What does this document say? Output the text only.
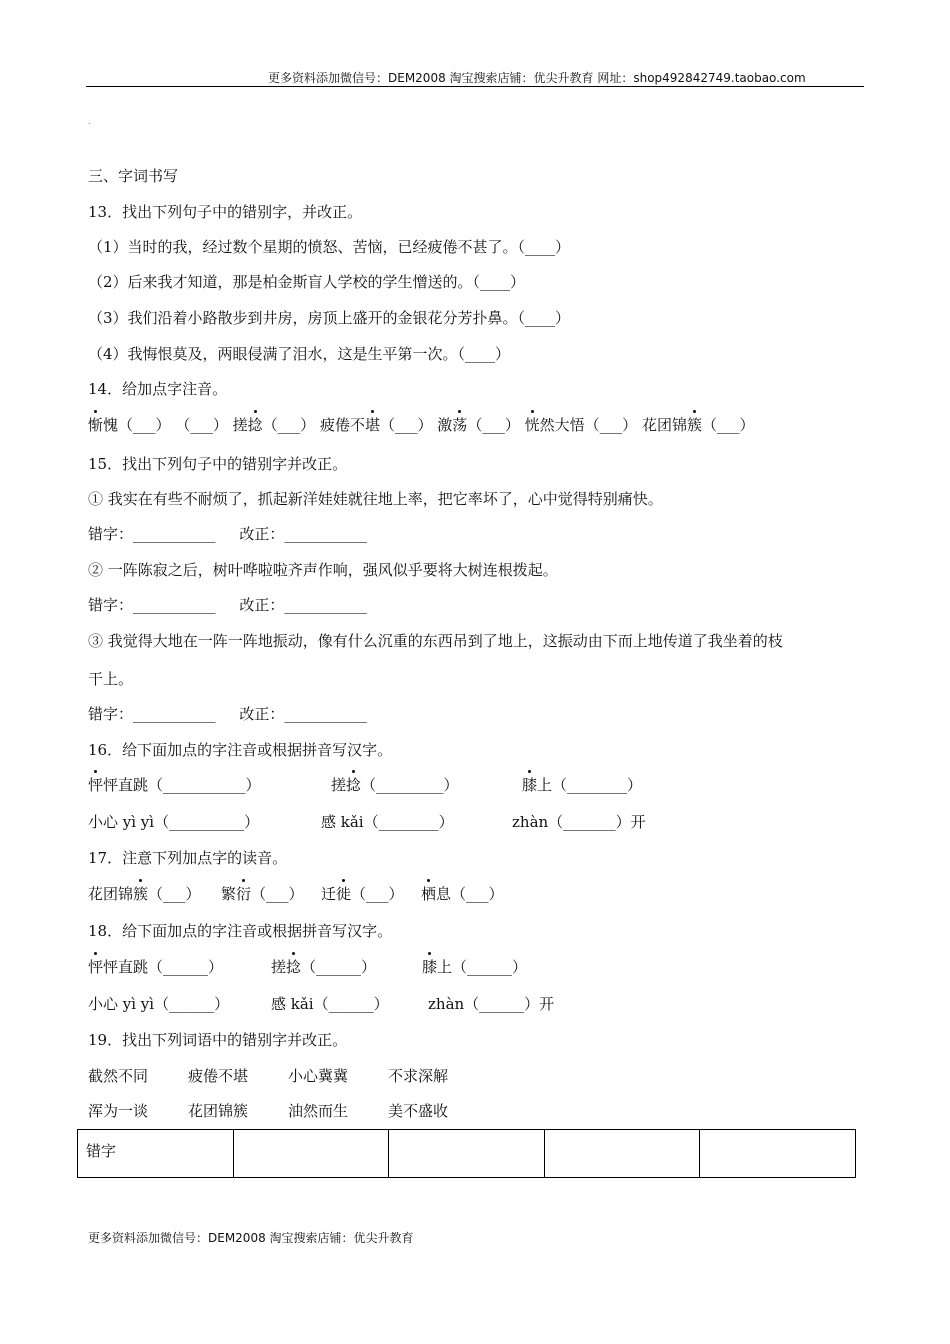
更多资料添加微信号：DEM2008 淘宝搜索店铺：优尖升教育 网址：shop492842749.taobao.com
.
三、字词书写
13．找出下列句子中的错别字，并改正。
（1）当时的我，经过数个星期的愤怒、苦恼，已经疲倦不甚了。（____）
（2）后来我才知道，那是柏金斯盲人学校的学生憎送的。（____）
（3）我们沿着小路散步到井房，房顶上盛开的金银花分芳扑鼻。（____）
（4）我悔恨莫及，两眼侵满了泪水，这是生平第一次。（____）
14．给加点字注音。
惭愧（___） （___） 搓捻（___） 疲倦不堪（___） 激荡（___） 恍然大悟（___） 花团锦簇（___）
15．找出下列句子中的错别字并改正。
① 我实在有些不耐烦了，抓起新洋娃娃就往地上率，把它率坏了，心中觉得特别痛快。
错字：___________ 改正：___________
② 一阵陈寂之后，树叶哗啦啦齐声作响，强风似乎要将大树连根拨起。
错字：___________ 改正：___________
③ 我觉得大地在一阵一阵地振动，像有什么沉重的东西吊到了地上，这振动由下而上地传道了我坐着的枝
干上。
错字：___________ 改正：___________
16．给下面加点的字注音或根据拼音写汉字。
怦怦直跳（___________）	搓捻（_________）	膝上（________）
小心 yì yì（__________）	感 kǎi（________）	zhàn（_______）开
17．注意下列加点字的读音。
花团锦簇（___） 繁衍（___） 迁徙（___） 栖息（___）
18．给下面加点的字注音或根据拼音写汉字。
怦怦直跳（______）	搓捻（______）	膝上（______）
小心 yì yì（______）	感 kǎi（______）	zhàn（______）开
19．找出下列词语中的错别字并改正。
截然不同	疲倦不堪	小心冀冀	不求深解
浑为一谈	花团锦簇	油然而生	美不盛收
错字				
更多资料添加微信号：DEM2008 淘宝搜索店铺：优尖升教育
